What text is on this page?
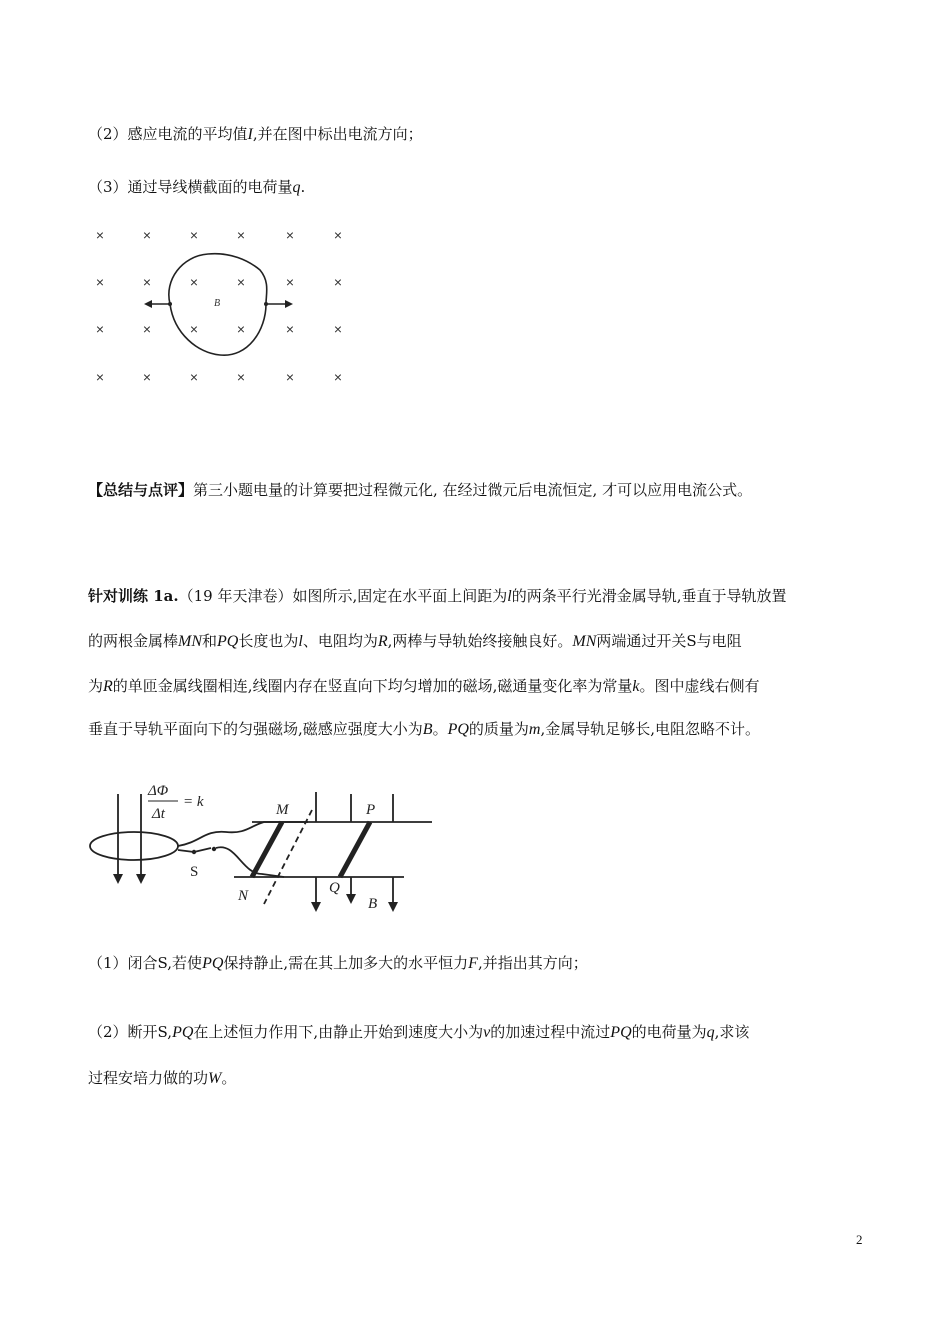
（2）感应电流的平均值I,并在图中标出电流方向；
（3）通过导线横截面的电荷量q.
×	×	×	×	×	×
×	×	×	×	×	×
×	×	×	×	×	×
×	×	×	×	×	×
B
【总结与点评】第三小题电量的计算要把过程微元化, 在经过微元后电流恒定, 才可以应用电流公式。
针对训练 1a.（19 年天津卷）如图所示,固定在水平面上间距为l的两条平行光滑金属导轨,垂直于导轨放置
的两根金属棒MN和PQ长度也为l、电阻均为R,两棒与导轨始终接触良好。MN两端通过开关S与电阻
为R的单匝金属线圈相连,线圈内存在竖直向下均匀增加的磁场,磁通量变化率为常量k。图中虚线右侧有
垂直于导轨平面向下的匀强磁场,磁感应强度大小为B。PQ的质量为m,金属导轨足够长,电阻忽略不计。
ΔΦ
Δt
= k	M
N
P
Q
B
S
（1）闭合S,若使PQ保持静止,需在其上加多大的水平恒力F,并指出其方向；
（2）断开S,PQ在上述恒力作用下,由静止开始到速度大小为v的加速过程中流过PQ的电荷量为q,求该
过程安培力做的功W。
2
